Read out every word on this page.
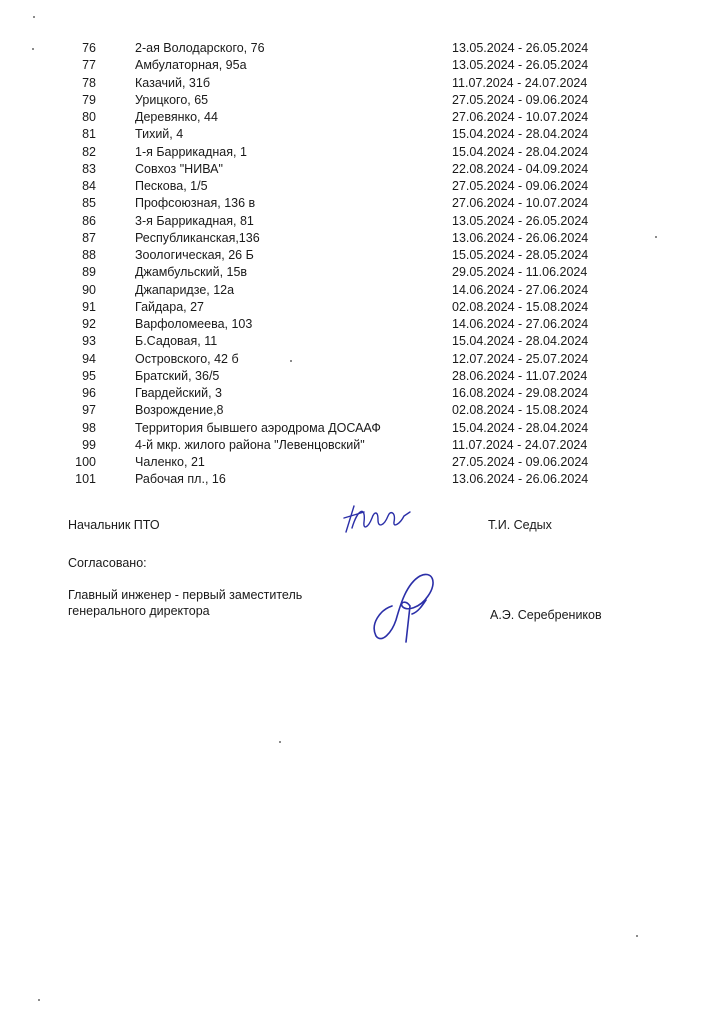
76	2-ая Володарского, 76	13.05.2024 - 26.05.2024
77	Амбулаторная, 95а	13.05.2024 - 26.05.2024
78	Казачий, 31б	11.07.2024 - 24.07.2024
79	Урицкого, 65	27.05.2024 - 09.06.2024
80	Деревянко, 44	27.06.2024 - 10.07.2024
81	Тихий, 4	15.04.2024 - 28.04.2024
82	1-я Баррикадная, 1	15.04.2024 - 28.04.2024
83	Совхоз "НИВА"	22.08.2024 - 04.09.2024
84	Пескова, 1/5	27.05.2024 - 09.06.2024
85	Профсоюзная, 136 в	27.06.2024 - 10.07.2024
86	3-я Баррикадная, 81	13.05.2024 - 26.05.2024
87	Республиканская,136	13.06.2024 - 26.06.2024
88	Зоологическая, 26 Б	15.05.2024 - 28.05.2024
89	Джамбульский, 15в	29.05.2024 - 11.06.2024
90	Джапаридзе, 12а	14.06.2024 - 27.06.2024
91	Гайдара, 27	02.08.2024 - 15.08.2024
92	Варфоломеева, 103	14.06.2024 - 27.06.2024
93	Б.Садовая, 11	15.04.2024 - 28.04.2024
94	Островского, 42 б	12.07.2024 - 25.07.2024
95	Братский, 36/5	28.06.2024 - 11.07.2024
96	Гвардейский, 3	16.08.2024 - 29.08.2024
97	Возрождение,8	02.08.2024 - 15.08.2024
98	Территория бывшего аэродрома ДОСААФ	15.04.2024 - 28.04.2024
99	4-й мкр. жилого района "Левенцовский"	11.07.2024 - 24.07.2024
100	Чаленко, 21	27.05.2024 - 09.06.2024
101	Рабочая пл., 16	13.06.2024 - 26.06.2024
Начальник ПТО	Т.И. Седых
Согласовано:
Главный инженер - первый заместитель
генерального директора	А.Э. Серебреников
